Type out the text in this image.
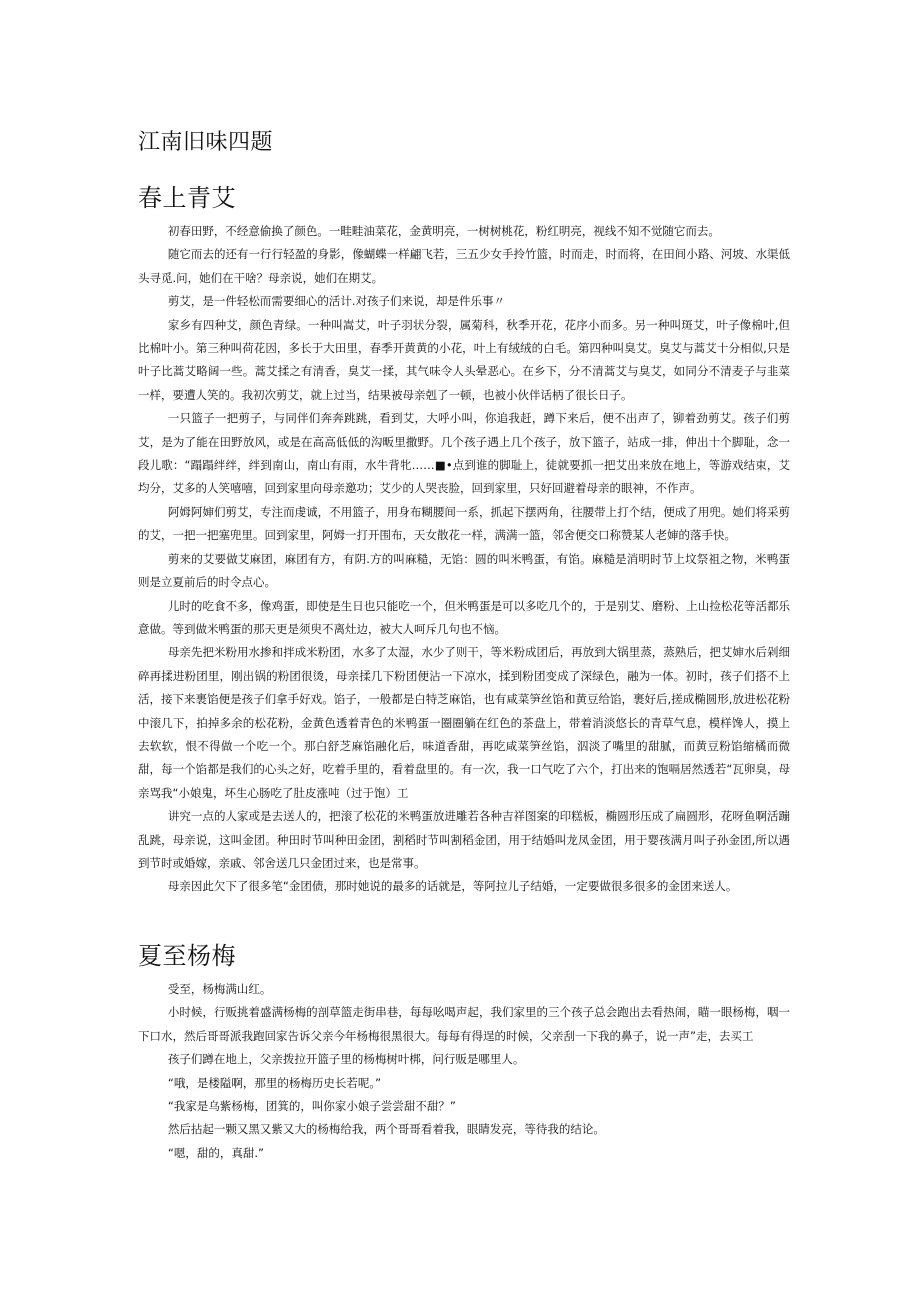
江南旧味四题
春上青艾

初春田野，不经意偷换了颜色。一畦畦油菜花，金黄明亮，一树树桃花，粉红明亮，视线不知不觉随它而去。

随它而去的还有一行行轻盈的身影，像蝴蝶一样翩飞若，三五少女手拎竹篮，时而走，时而将，在田间小路、河坡、水渠低头寻觅.问，她们在干啥？母亲说，她们在期艾。

剪艾，是一件轻松而需要细心的活计.对孩子们来说，却是件乐事〃

家乡有四种艾，颜色青绿。一种叫嵩艾，叶子羽状分裂，属菊科，秋季开花，花序小而多。另一种叫斑艾，叶子像棉叶,但比棉叶小。第三种叫荷花因，多长于大田里，春季开黄黄的小花，叶上有绒绒的白毛。第四种叫臭艾。臭艾与蒿艾十分相似,只是叶子比蒿艾略阔一些。蒿艾揉之有清香，臭艾一揉，其气味令人头晕恶心。在乡下，分不清蒿艾与臭艾，如同分不清麦子与韭菜一样，要遭人笑的。我初次剪艾，就上过当，结果被母亲剋了一顿，也被小伙伴话柄了很长日子。

一只篮子一把剪子，与同伴们奔奔跳跳，看到艾，大呼小叫，你追我赶，蹲下来后，便不出声了，铆着劲剪艾。孩子们剪艾，是为了能在田野放风，或是在高高低低的沟畈里撒野。几个孩子遇上几个孩子，放下篮子，站成一排，伸出十个脚耻，念一段儿歌：“蹋蹋绊绊，绊到南山，南山有雨，水牛背牝……■•点到谁的脚耻上，徒就要抓一把艾出来放在地上，等游戏结束，艾均分，艾多的人笑嘻嘻，回到家里向母亲邀功；艾少的人哭丧脸，回到家里，只好回避着母亲的眼神，不作声。

阿姆阿婶们剪艾，专注而虔诚，不用篮子，用身布糊腰间一系，抓起下摆两角，往腰带上打个结，便成了用兜。她们将采剪的艾，一把一把塞兜里。回到家里，阿姆一打开围布，天女散花一样，满满一篮，邻舍便交口称赞某人老婶的落手快。

剪来的艾要做艾麻团，麻团有方，有阴.方的叫麻糙，无馅：圆的叫米鸭蛋，有馅。麻糙是消明时节上坟祭祖之物，米鸭蛋则是立夏前后的时令点心。

儿时的吃食不多，像鸡蛋，即使是生日也只能吃一个，但米鸭蛋是可以多吃几个的，于是别艾、磨粉、上山捡松花等活都乐意做。等到做米鸭蛋的那天更是须臾不离灶边，被大人呵斥几句也不恼。

母亲先把米粉用水掺和拌成米粉团，水多了太湿，水少了则干，等米粉成团后，再放到大锅里蒸，蒸熟后，把艾婶水后剁细碎再揉进粉团里，刚出锅的粉团很烫，母亲揉几下粉团便沾一下凉水，揉到粉团变成了深绿色，融为一体。初时，孩子们搭不上活，接下来裹馅便是孩子们拿手好戏。馅子，一般都是白特芝麻馅，也有咸菜笋丝馅和黄豆给馅，裹好后,搓成椭圆形,放进松花粉中滚几下，拍掉多余的松花粉，金黄色透着青色的米鸭蛋一圈圈躺在红色的茶盘上，带着消淡悠长的青草气息，模样馋人，摸上去软软，恨不得做一个吃一个。那白舒芝麻馅融化后，味道香甜，再吃咸菜笋丝馅，泅淡了嘴里的甜腻，而黄豆粉馅缩橘而微甜，每一个馅都是我们的心头之好，吃着手里的，看着盘里的。有一次，我一口气吃了六个，打出来的饱嗝居然透若“瓦卵臭，母亲骂我“小娘鬼，坏生心肠吃了肚皮涨吨（过于饱）工

讲究一点的人家或是去送人的，把滚了松花的米鸭蛋放进雕若各种吉祥图案的印糕板，椭圆形压成了扁圆形，花呀鱼啊活蹦乱跳，母亲说，这叫金团。种田时节叫种田金团，割稻时节叫割稻金团，用于结婚叫龙凤金团，用于婴孩满月叫子孙金团,所以遇到节时或婚嫁，亲戚、邻舍送几只金团过来，也是常事。

母亲因此欠下了很多笔“金团债，那时她说的最多的话就是，等阿拉儿子结婚，一定要做很多很多的金团来送人。

夏至杨梅

受至，杨梅满山红。

小时候，行贩挑着盛满杨梅的剖草篮走街串巷，每每吆喝声起，我们家里的三个孩子总会跑出去看热闹，瞄一眼杨梅，咽一下口水，然后哥哥派我跑回家告诉父亲今年杨梅很黑很大。每每有得逞的时候，父亲刮一下我的鼻子，说一声”走，去买工

孩子们蹲在地上，父亲拨拉开篮子里的杨梅树叶梆，问行贩是哪里人。

“哦，是楼隘啊，那里的杨梅历史长若呢。”

“我家是乌紫杨梅，团箕的，叫你家小娘子尝尝甜不甜？”

然后拈起一颗又黑又紫又大的杨梅给我，两个哥哥看着我，眼睛发亮，等待我的结论。

“嗯，甜的，真甜.”
